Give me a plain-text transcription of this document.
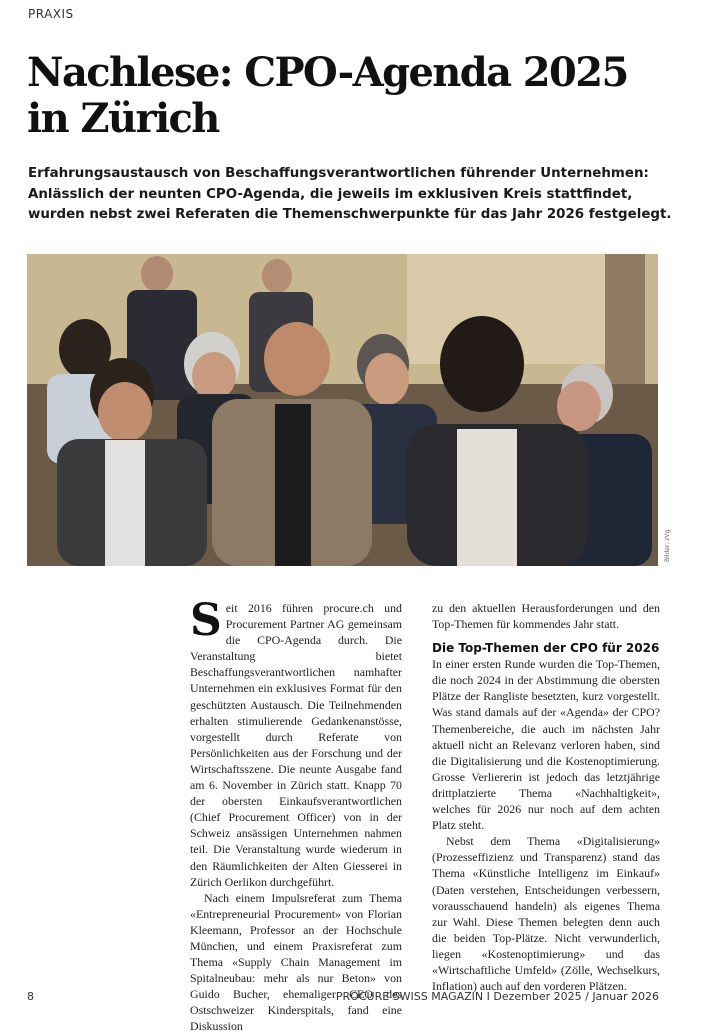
PRAXIS
Nachlese: CPO-Agenda 2025
in Zürich

Erfahrungsaustausch von Beschaffungsverantwortlichen führender Unternehmen: Anlässlich der neunten CPO-Agenda, die jeweils im exklusiven Kreis stattfindet, wurden nebst zwei Referaten die Themenschwerpunkte für das Jahr 2026 festgelegt.

Bilder: zVg

Seit 2016 führen procure.ch und Procurement Partner AG gemeinsam die CPO-Agenda durch. Die Veranstaltung bietet Beschaffungsverantwortlichen namhafter Unternehmen ein exklusives Format für den geschützten Austausch. Die Teilnehmenden erhalten stimulierende Gedankenanstösse, vorgestellt durch Referate von Persönlichkeiten aus der Forschung und der Wirtschaftsszene. Die neunte Ausgabe fand am 6. November in Zürich statt. Knapp 70 der obersten Einkaufsverantwortlichen (Chief Procurement Officer) von in der Schweiz ansässigen Unternehmen nahmen teil. Die Veranstaltung wurde wiederum in den Räumlichkeiten der Alten Giesserei in Zürich Oerlikon durchgeführt.

Nach einem Impulsreferat zum Thema «Entrepreneurial Procurement» von Florian Kleemann, Professor an der Hochschule München, und einem Praxisreferat zum Thema «Supply Chain Management im Spitalneubau: mehr als nur Beton» von Guido Bucher, ehemaliger CEO des Ostschweizer Kinderspitals, fand eine Diskussion

zu den aktuellen Herausforderungen und den Top-Themen für kommendes Jahr statt.

Die Top-Themen der CPO für 2026

In einer ersten Runde wurden die Top-Themen, die noch 2024 in der Abstimmung die obersten Plätze der Rangliste besetzten, kurz vorgestellt. Was stand damals auf der «Agenda» der CPO? Themenbereiche, die auch im nächsten Jahr aktuell nicht an Relevanz verloren haben, sind die Digitalisierung und die Kostenoptimierung. Grosse Verliererin ist jedoch das letztjährige drittplatzierte Thema «Nachhaltigkeit», welches für 2026 nur noch auf dem achten Platz steht.

Nebst dem Thema «Digitalisierung» (Prozesseffizienz und Transparenz) stand das Thema «Künstliche Intelligenz im Einkauf» (Daten verstehen, Entscheidungen verbessern, vorausschauend handeln) als eigenes Thema zur Wahl. Diese Themen belegten denn auch die beiden Top-Plätze. Nicht verwunderlich, liegen «Kostenoptimierung» und das «Wirtschaftliche Umfeld» (Zölle, Wechselkurs, Inflation) auch auf den vorderen Plätzen.

8	PROCURE SWISS MAGAZIN I Dezember 2025 / Januar 2026
